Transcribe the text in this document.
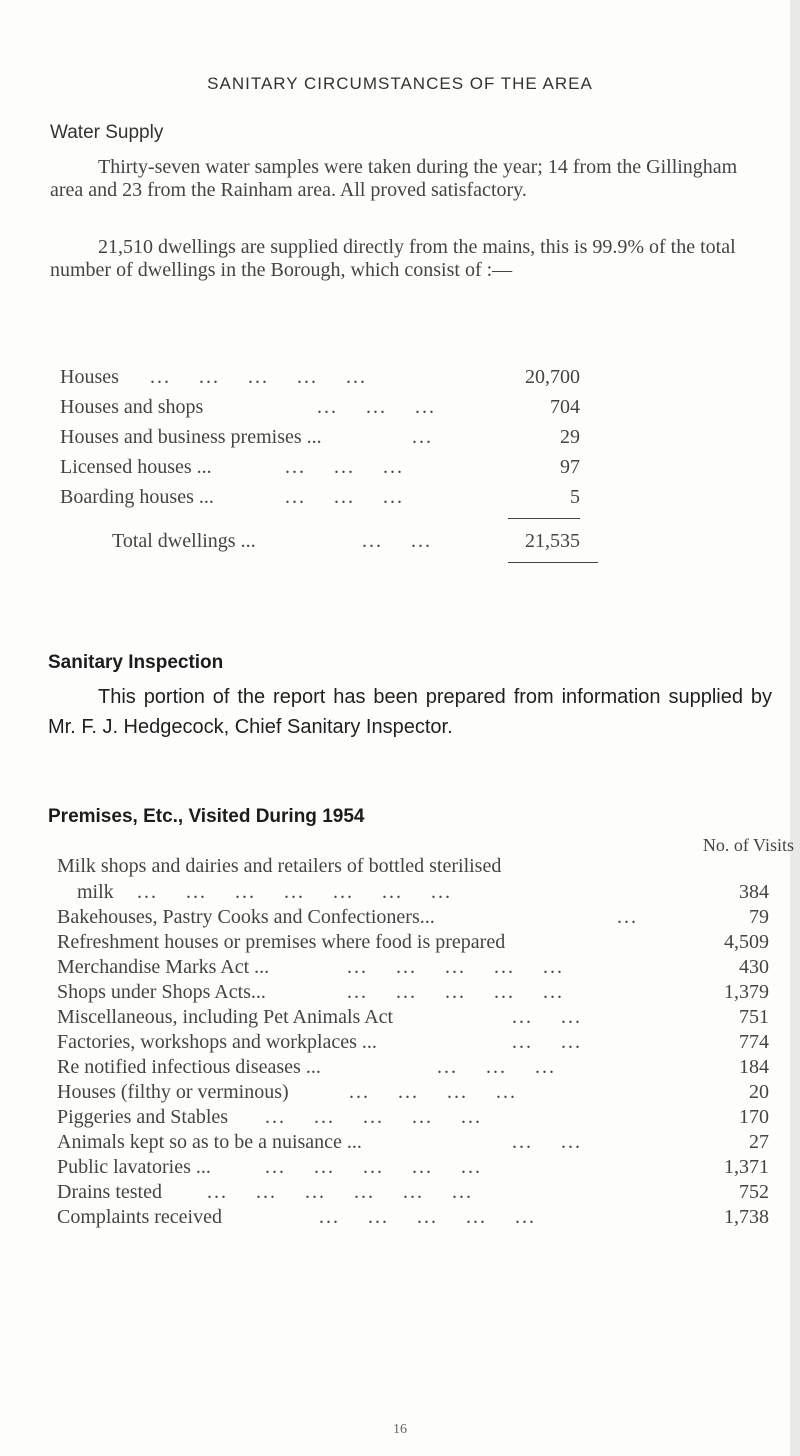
SANITARY CIRCUMSTANCES OF THE AREA
Water Supply

Thirty-seven water samples were taken during the year; 14 from the Gillingham area and 23 from the Rainham area. All proved satisfactory.

21,510 dwellings are supplied directly from the mains, this is 99.9% of the total number of dwellings in the Borough, which consist of :—

Houses ...    ...    ...    ...    ...	20,700
Houses and shops	...    ...    ...	704
Houses and business premises ...	...	29
Licensed houses ...	...    ...    ...	97
Boarding houses ...	...    ...    ...	5
Total dwellings ...	...    ...	21,535
Sanitary Inspection

This portion of the report has been prepared from information supplied by Mr. F. J. Hedgecock, Chief Sanitary Inspector.

Premises, Etc., Visited During 1954
No. of Visits
Milk shops and dairies and retailers of bottled sterilised
milk ...    ...    ...    ...    ...    ...    ...	384
Bakehouses, Pastry Cooks and Confectioners...	...	79
Refreshment houses or premises where food is prepared	4,509
Merchandise Marks Act ...	...    ...    ...    ...    ...	430
Shops under Shops Acts...	...    ...    ...    ...    ...	1,379
Miscellaneous, including Pet Animals Act	...    ...	751
Factories, workshops and workplaces ...	...    ...	774
Re notified infectious diseases ...	...    ...    ...	184
Houses (filthy or verminous)	...    ...    ...    ...	20
Piggeries and Stables ...    ...    ...    ...    ...	170
Animals kept so as to be a nuisance ...	...    ...	27
Public lavatories ...	...    ...    ...    ...    ...	1,371
Drains tested ...    ...    ...    ...    ...    ...	752
Complaints received	...    ...    ...    ...    ...	1,738
16
